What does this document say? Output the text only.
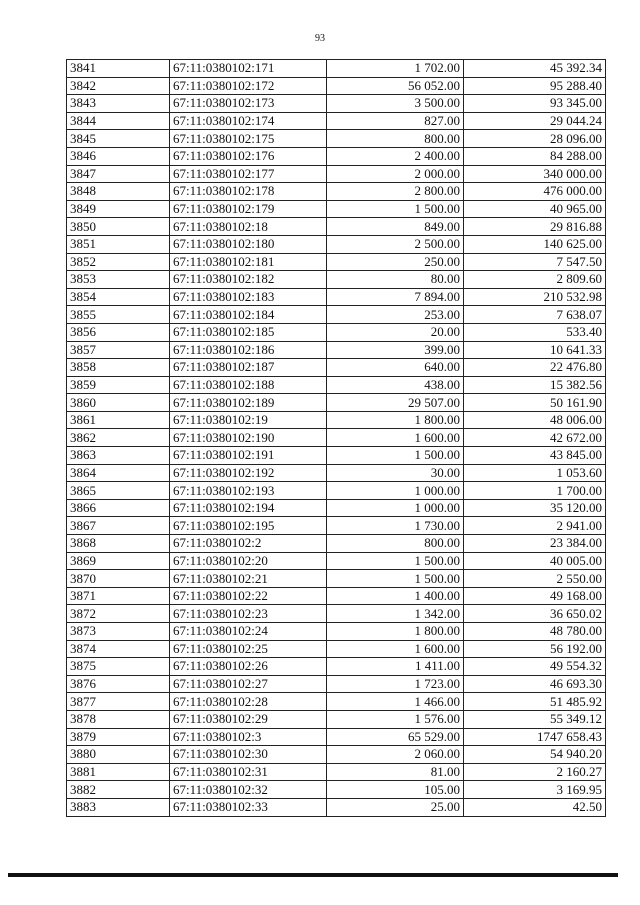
93
3841	67:11:0380102:171	1 702.00	45 392.34
3842	67:11:0380102:172	56 052.00	95 288.40
3843	67:11:0380102:173	3 500.00	93 345.00
3844	67:11:0380102:174	827.00	29 044.24
3845	67:11:0380102:175	800.00	28 096.00
3846	67:11:0380102:176	2 400.00	84 288.00
3847	67:11:0380102:177	2 000.00	340 000.00
3848	67:11:0380102:178	2 800.00	476 000.00
3849	67:11:0380102:179	1 500.00	40 965.00
3850	67:11:0380102:18	849.00	29 816.88
3851	67:11:0380102:180	2 500.00	140 625.00
3852	67:11:0380102:181	250.00	7 547.50
3853	67:11:0380102:182	80.00	2 809.60
3854	67:11:0380102:183	7 894.00	210 532.98
3855	67:11:0380102:184	253.00	7 638.07
3856	67:11:0380102:185	20.00	533.40
3857	67:11:0380102:186	399.00	10 641.33
3858	67:11:0380102:187	640.00	22 476.80
3859	67:11:0380102:188	438.00	15 382.56
3860	67:11:0380102:189	29 507.00	50 161.90
3861	67:11:0380102:19	1 800.00	48 006.00
3862	67:11:0380102:190	1 600.00	42 672.00
3863	67:11:0380102:191	1 500.00	43 845.00
3864	67:11:0380102:192	30.00	1 053.60
3865	67:11:0380102:193	1 000.00	1 700.00
3866	67:11:0380102:194	1 000.00	35 120.00
3867	67:11:0380102:195	1 730.00	2 941.00
3868	67:11:0380102:2	800.00	23 384.00
3869	67:11:0380102:20	1 500.00	40 005.00
3870	67:11:0380102:21	1 500.00	2 550.00
3871	67:11:0380102:22	1 400.00	49 168.00
3872	67:11:0380102:23	1 342.00	36 650.02
3873	67:11:0380102:24	1 800.00	48 780.00
3874	67:11:0380102:25	1 600.00	56 192.00
3875	67:11:0380102:26	1 411.00	49 554.32
3876	67:11:0380102:27	1 723.00	46 693.30
3877	67:11:0380102:28	1 466.00	51 485.92
3878	67:11:0380102:29	1 576.00	55 349.12
3879	67:11:0380102:3	65 529.00	1747 658.43
3880	67:11:0380102:30	2 060.00	54 940.20
3881	67:11:0380102:31	81.00	2 160.27
3882	67:11:0380102:32	105.00	3 169.95
3883	67:11:0380102:33	25.00	42.50
